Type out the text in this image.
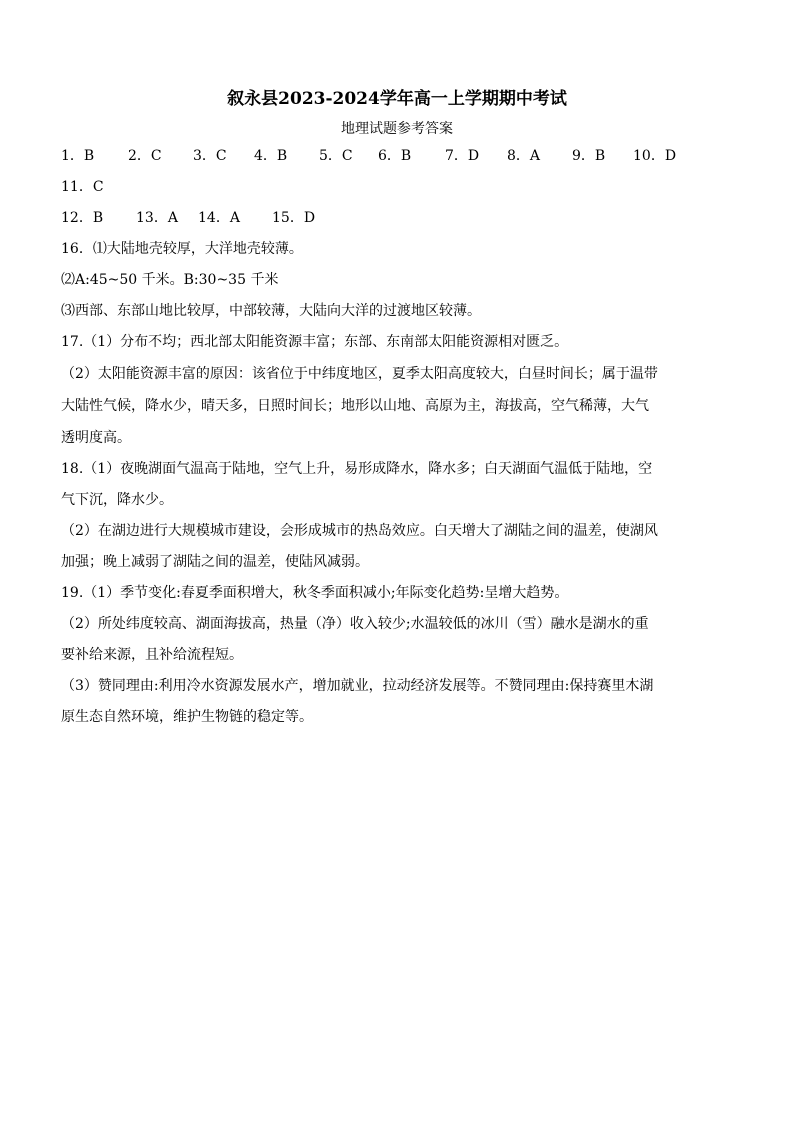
叙永县2023-2024学年高一上学期期中考试
地理试题参考答案
1．B 2．C 3．C 4．B 5．C 6．B 7．D 8．A 9．B 10．D
11．C
12．B 13．A 14．A 15．D
16．⑴大陆地壳较厚，大洋地壳较薄。
⑵A:45~50 千米。B:30~35 千米
⑶西部、东部山地比较厚，中部较薄，大陆向大洋的过渡地区较薄。
17.（1）分布不均；西北部太阳能资源丰富；东部、东南部太阳能资源相对匮乏。
（2）太阳能资源丰富的原因：该省位于中纬度地区，夏季太阳高度较大，白昼时间长；属于温带
大陆性气候，降水少，晴天多，日照时间长；地形以山地、高原为主，海拔高，空气稀薄，大气
透明度高。
18.（1）夜晚湖面气温高于陆地，空气上升，易形成降水，降水多；白天湖面气温低于陆地，空
气下沉，降水少。
（2）在湖边进行大规模城市建设，会形成城市的热岛效应。白天增大了湖陆之间的温差，使湖风
加强；晚上减弱了湖陆之间的温差，使陆风减弱。
19.（1）季节变化:春夏季面积增大，秋冬季面积减小;年际变化趋势:呈增大趋势。
（2）所处纬度较高、湖面海拔高，热量（净）收入较少;水温较低的冰川（雪）融水是湖水的重
要补给来源，且补给流程短。
（3）赞同理由:利用冷水资源发展水产，增加就业，拉动经济发展等。不赞同理由:保持赛里木湖
原生态自然环境，维护生物链的稳定等。
